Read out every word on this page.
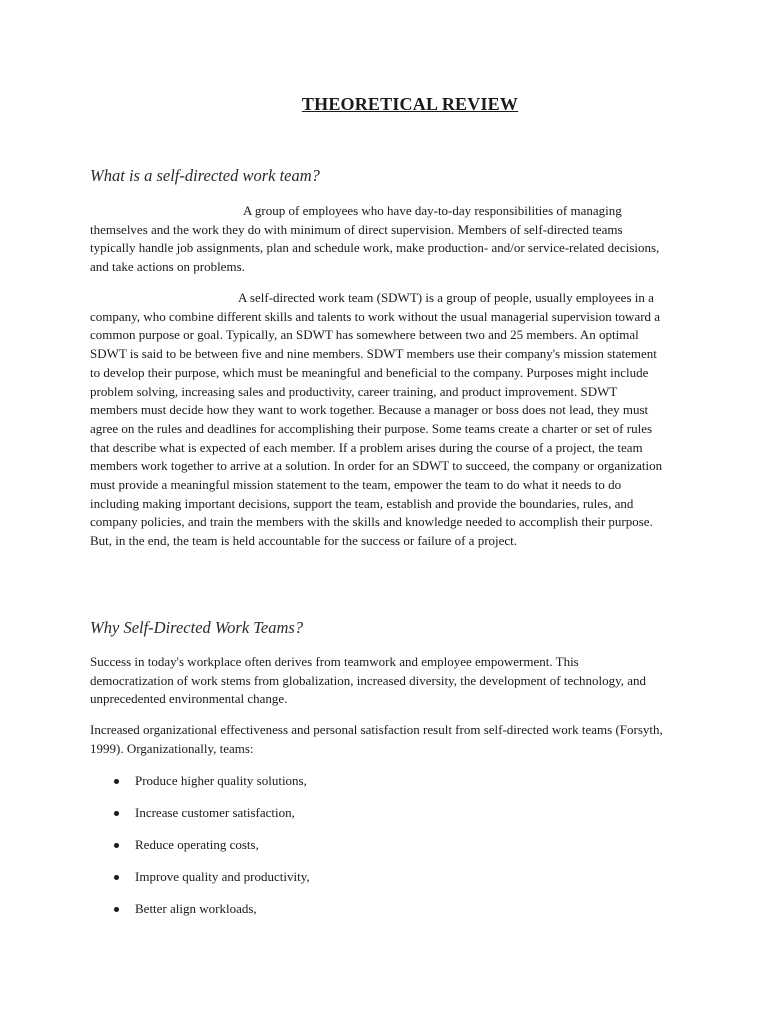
THEORETICAL REVIEW
What is a self-directed work team?

A group of employees who have day-to-day responsibilities of managing themselves and the work they do with minimum of direct supervision. Members of self-directed teams typically handle job assignments, plan and schedule work, make production- and/or service-related decisions, and take actions on problems.

A self-directed work team (SDWT) is a group of people, usually employees in a company, who combine different skills and talents to work without the usual managerial supervision toward a common purpose or goal. Typically, an SDWT has somewhere between two and 25 members. An optimal SDWT is said to be between five and nine members. SDWT members use their company's mission statement to develop their purpose, which must be meaningful and beneficial to the company. Purposes might include problem solving, increasing sales and productivity, career training, and product improvement. SDWT members must decide how they want to work together. Because a manager or boss does not lead, they must agree on the rules and deadlines for accomplishing their purpose. Some teams create a charter or set of rules that describe what is expected of each member. If a problem arises during the course of a project, the team members work together to arrive at a solution. In order for an SDWT to succeed, the company or organization must provide a meaningful mission statement to the team, empower the team to do what it needs to do including making important decisions, support the team, establish and provide the boundaries, rules, and company policies, and train the members with the skills and knowledge needed to accomplish their purpose. But, in the end, the team is held accountable for the success or failure of a project.

Why Self-Directed Work Teams?

Success in today's workplace often derives from teamwork and employee empowerment. This democratization of work stems from globalization, increased diversity, the development of technology, and unprecedented environmental change.

Increased organizational effectiveness and personal satisfaction result from self-directed work teams (Forsyth, 1999). Organizationally, teams:

Produce higher quality solutions,
Increase customer satisfaction,
Reduce operating costs,
Improve quality and productivity,
Better align workloads,
